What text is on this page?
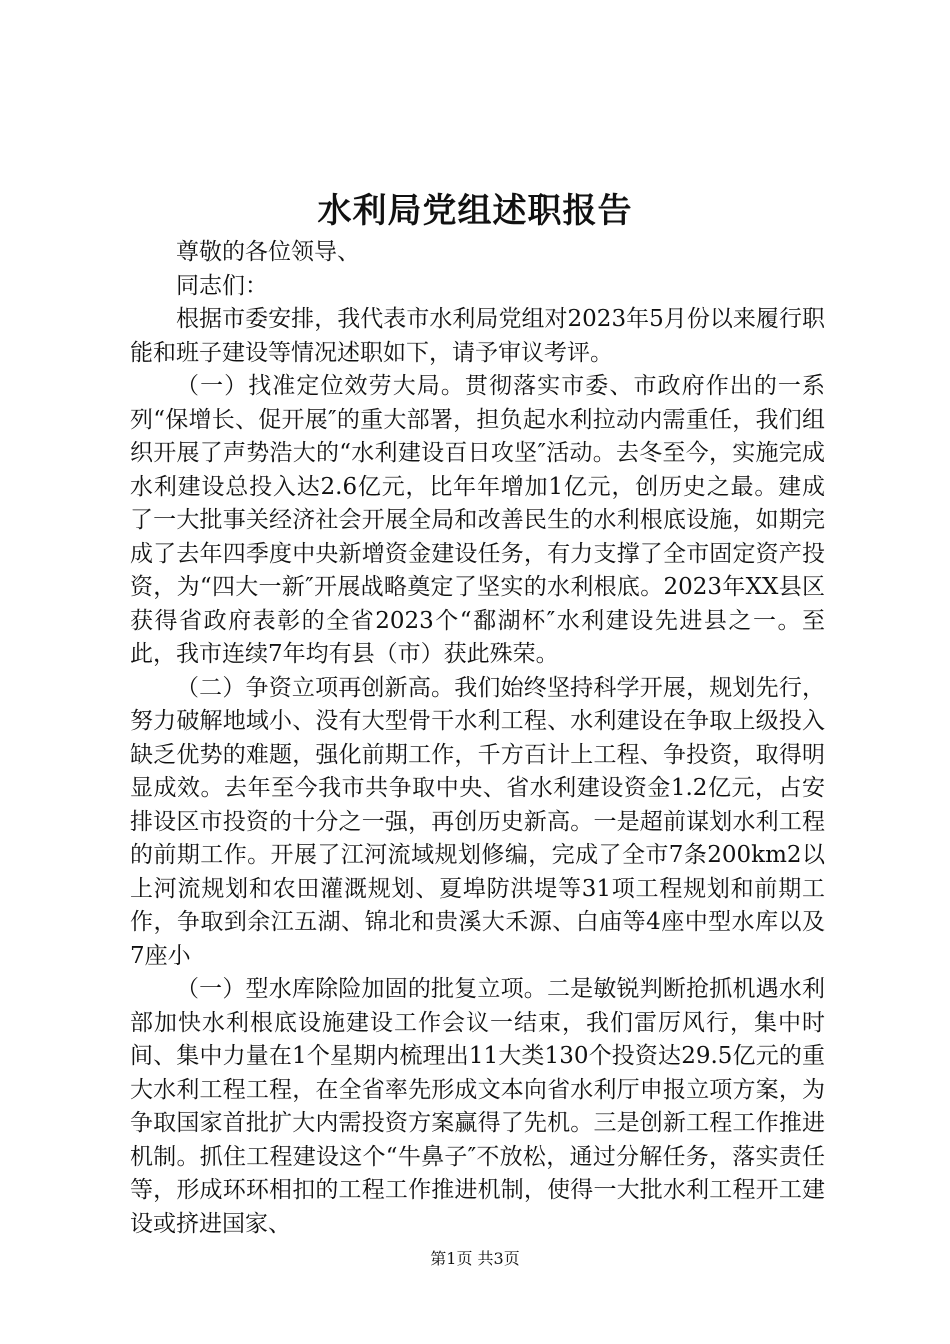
水利局党组述职报告

尊敬的各位领导、

同志们：

根据市委安排，我代表市水利局党组对2023年5月份以来履行职能和班子建设等情况述职如下，请予审议考评。

（一）找准定位效劳大局。贯彻落实市委、市政府作出的一系列“保增长、促开展″的重大部署，担负起水利拉动内需重任，我们组织开展了声势浩大的“水利建设百日攻坚″活动。去冬至今，实施完成水利建设总投入达2.6亿元，比年年增加1亿元，创历史之最。建成了一大批事关经济社会开展全局和改善民生的水利根底设施，如期完成了去年四季度中央新增资金建设任务，有力支撑了全市固定资产投资，为“四大一新″开展战略奠定了坚实的水利根底。2023年XX县区获得省政府表彰的全省2023个“鄱湖杯″水利建设先进县之一。至此，我市连续7年均有县（市）获此殊荣。

（二）争资立项再创新高。我们始终坚持科学开展，规划先行，努力破解地域小、没有大型骨干水利工程、水利建设在争取上级投入缺乏优势的难题，强化前期工作，千方百计上工程、争投资，取得明显成效。去年至今我市共争取中央、省水利建设资金1.2亿元，占安排设区市投资的十分之一强，再创历史新高。一是超前谋划水利工程的前期工作。开展了江河流域规划修编，完成了全市7条200km2以上河流规划和农田灌溉规划、夏埠防洪堤等31项工程规划和前期工作，争取到余江五湖、锦北和贵溪大禾源、白庙等4座中型水库以及7座小

（一）型水库除险加固的批复立项。二是敏锐判断抢抓机遇水利部加快水利根底设施建设工作会议一结束，我们雷厉风行，集中时间、集中力量在1个星期内梳理出11大类130个投资达29.5亿元的重大水利工程工程，在全省率先形成文本向省水利厅申报立项方案，为争取国家首批扩大内需投资方案赢得了先机。三是创新工程工作推进机制。抓住工程建设这个“牛鼻子″不放松，通过分解任务，落实责任等，形成环环相扣的工程工作推进机制，使得一大批水利工程开工建设或挤进国家、

第1页 共3页
